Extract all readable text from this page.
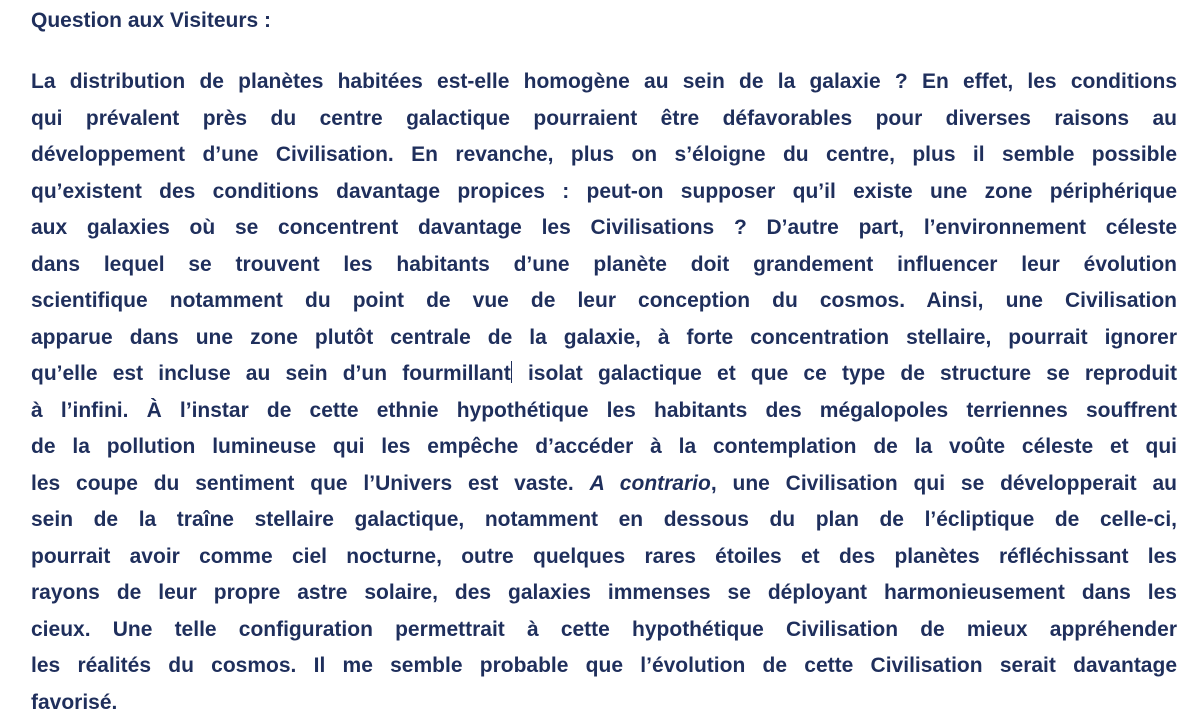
Question aux Visiteurs :
La distribution de planètes habitées est-elle homogène au sein de la galaxie ? En effet, les conditions
qui prévalent près du centre galactique pourraient être défavorables pour diverses raisons au
développement d’une Civilisation. En revanche, plus on s’éloigne du centre, plus il semble possible
qu’existent des conditions davantage propices : peut-on supposer qu’il existe une zone périphérique
aux galaxies où se concentrent davantage les Civilisations ? D’autre part, l’environnement céleste
dans lequel se trouvent les habitants d’une planète doit grandement influencer leur évolution
scientifique notamment du point de vue de leur conception du cosmos. Ainsi, une Civilisation
apparue dans une zone plutôt centrale de la galaxie, à forte concentration stellaire, pourrait ignorer
qu’elle est incluse au sein d’un fourmillant isolat galactique et que ce type de structure se reproduit
à l’infini. À l’instar de cette ethnie hypothétique les habitants des mégalopoles terriennes souffrent
de la pollution lumineuse qui les empêche d’accéder à la contemplation de la voûte céleste et qui
les coupe du sentiment que l’Univers est vaste. A contrario, une Civilisation qui se développerait au
sein de la traîne stellaire galactique, notamment en dessous du plan de l’écliptique de celle-ci,
pourrait avoir comme ciel nocturne, outre quelques rares étoiles et des planètes réfléchissant les
rayons de leur propre astre solaire, des galaxies immenses se déployant harmonieusement dans les
cieux. Une telle configuration permettrait à cette hypothétique Civilisation de mieux appréhender
les réalités du cosmos. Il me semble probable que l’évolution de cette Civilisation serait davantage
favorisé.
